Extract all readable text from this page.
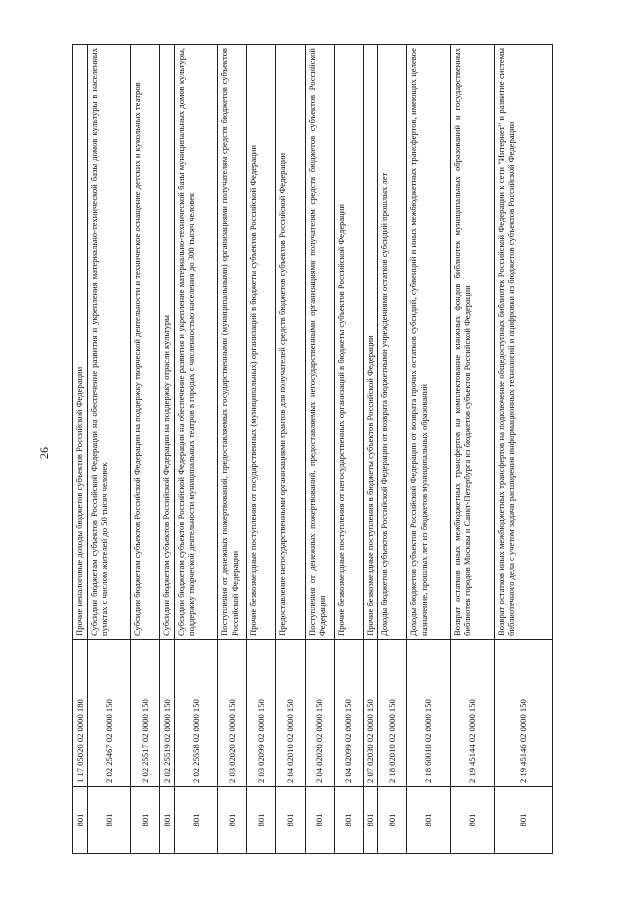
26
801	1 17 05020 02 0000 180	Прочие неналоговые доходы бюджетов субъектов Российской Федерации
801	2 02 25467 02 0000 150	Субсидии бюджетам субъектов Российской Федерации на обеспечение развития и укрепления материально-технической базы домов культуры в населенных пунктах с числом жителей до 50 тысяч человек
801	2 02 25517 02 0000 150	Субсидии бюджетам субъектов Российской Федерации на поддержку творческой деятельности и техническое оснащение детских и кукольных театров
801	2 02 25519 02 0000 150	Субсидии бюджетам субъектов Российской Федерации на поддержку отрасли культуры
801	2 02 25558 02 0000 150	Субсидии бюджетам субъектов Российской Федерации на обеспечение развития и укрепление материально-технической базы муниципальных домов культуры, поддержку творческой деятельности муниципальных театров в городах с численностью населения до 300 тысяч человек
801	2 03 02020 02 0000 150	Поступления от денежных пожертвований, предоставляемых государственными (муниципальными) организациями получателям средств бюджетов субъектов Российской Федерации
801	2 03 02099 02 0000 150	Прочие безвозмездные поступления от государственных (муниципальных) организаций в бюджеты субъектов Российской Федерации
801	2 04 02010 02 0000 150	Предоставление негосударственными организациями грантов для получателей средств бюджетов субъектов Российской Федерации
801	2 04 02020 02 0000 150	Поступления от денежных пожертвований, предоставляемых негосударственными организациями получателям средств бюджетов субъектов Российской Федерации
801	2 04 02099 02 0000 150	Прочие безвозмездные поступления от негосударственных организаций в бюджеты субъектов Российской Федерации
801	2 07 02030 02 0000 150	Прочие безвозмездные поступления в бюджеты субъектов Российской Федерации
801	2 18 02010 02 0000 150	Доходы бюджетов субъектов Российской Федерации от возврата бюджетными учреждениями остатков субсидий прошлых лет
801	2 18 60010 02 0000 150	Доходы бюджетов субъектов Российской Федерации от возврата прочих остатков субсидий, субвенций и иных межбюджетных трансфертов, имеющих целевое назначение, прошлых лет из бюджетов муниципальных образований
801	2 19 45144 02 0000 150	Возврат остатков иных межбюджетных трансфертов на комплектование книжных фондов библиотек муниципальных образований и государственных библиотек городов Москвы и Санкт-Петербурга из бюджетов субъектов Российской Федерации
801	2 19 45146 02 0000 150	Возврат остатков иных межбюджетных трансфертов на подключение общедоступных библиотек Российской Федерации к сети "Интернет" и развитие системы библиотечного дела с учетом задачи расширения информационных технологий и оцифровки из бюджетов субъектов Российской Федерации
